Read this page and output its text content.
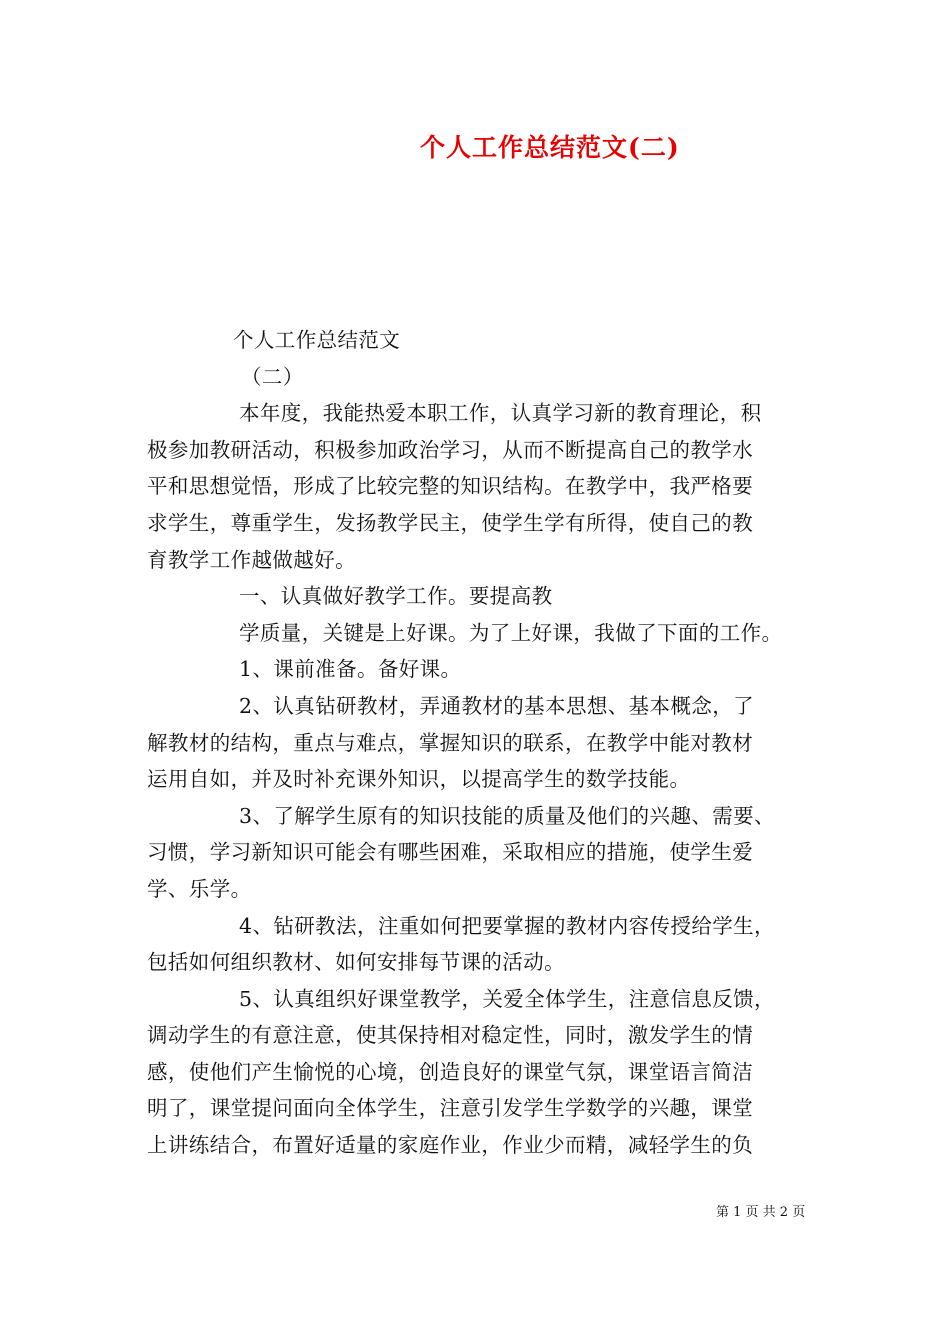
个人工作总结范文(二)
个人工作总结范文
（二）
本年度，我能热爱本职工作，认真学习新的教育理论，积
极参加教研活动，积极参加政治学习，从而不断提高自己的教学水
平和思想觉悟，形成了比较完整的知识结构。在教学中，我严格要
求学生，尊重学生，发扬教学民主，使学生学有所得，使自己的教
育教学工作越做越好。
一、认真做好教学工作。要提高教
学质量，关键是上好课。为了上好课，我做了下面的工作。
1、课前准备。备好课。
2、认真钻研教材，弄通教材的基本思想、基本概念，了
解教材的结构，重点与难点，掌握知识的联系，在教学中能对教材
运用自如，并及时补充课外知识，以提高学生的数学技能。
3、了解学生原有的知识技能的质量及他们的兴趣、需要、
习惯，学习新知识可能会有哪些困难，采取相应的措施，使学生爱
学、乐学。
4、钻研教法，注重如何把要掌握的教材内容传授给学生，
包括如何组织教材、如何安排每节课的活动。
5、认真组织好课堂教学，关爱全体学生，注意信息反馈，
调动学生的有意注意，使其保持相对稳定性，同时，激发学生的情
感，使他们产生愉悦的心境，创造良好的课堂气氛，课堂语言简洁
明了，课堂提问面向全体学生，注意引发学生学数学的兴趣，课堂
上讲练结合，布置好适量的家庭作业，作业少而精，减轻学生的负
第 1 页 共 2 页
